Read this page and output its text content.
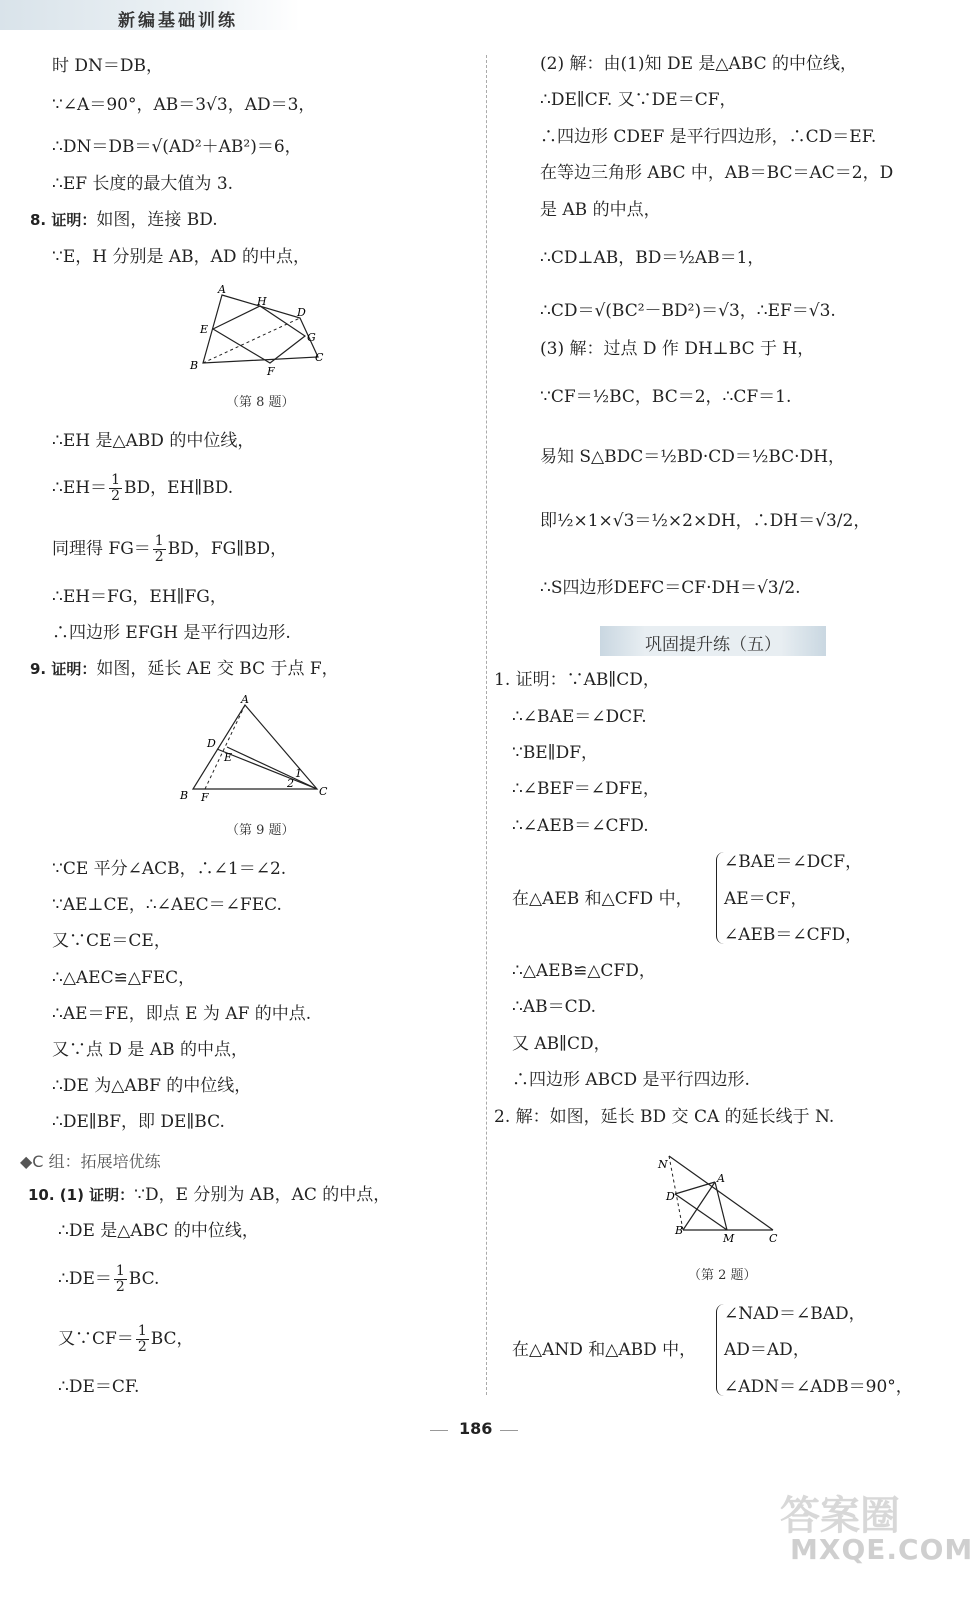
新编基础训练
时 DN＝DB，
∵∠A＝90°，AB＝3√3，AD＝3，
∴DN＝DB＝√(AD²＋AB²)＝6，
∴EF 长度的最大值为 3.
8. 证明：如图，连接 BD.
∵E，H 分别是 AB，AD 的中点，
A
H
D
E
G
B	F
C
（第 8 题）
∴EH 是△ABD 的中位线，
∴EH＝ $\frac{1}{2}$ BD，EH∥BD.
同理得 $FG= \frac{1}{2}$ BD，FG∥BD，
∴EH＝FG，EH∥FG，
∴四边形 EFGH 是平行四边形.
9. 证明：如图，延长 AE 交 BC 于点 F，
A
D
E
1
2
B F	C
（第 9 题）
∵CE 平分∠ACB，∴∠1＝∠2.
∵AE⊥CE，∴∠AEC＝∠FEC.
又∵CE＝CE，
∴△AEC≌△FEC，
∴AE＝FE，即点 E 为 AF 的中点.
又∵点 D 是 AB 的中点，
∴DE 为△ABF 的中位线，
∴DE∥BF，即 DE∥BC.
◆C 组：拓展培优练
10. (1) 证明：∵D，E 分别为 AB，AC 的中点，
∴DE 是△ABC 的中位线，
∴DE＝ $\frac{1}{2}$ BC.
又∵CF＝ $\frac{1}{2}$ BC，
∴DE＝CF.
(2) 解：由(1)知 DE 是△ABC 的中位线，
∴DE∥CF. 又∵DE＝CF，
∴四边形 CDEF 是平行四边形，∴CD＝EF.
在等边三角形 ABC 中，AB＝BC＝AC＝2，D
是 AB 的中点，
∴CD⊥AB，BD＝½AB＝1，
∴CD＝√(BC²－BD²)＝√3，∴EF＝√3.
(3) 解：过点 D 作 DH⊥BC 于 H，
∵CF＝½BC，BC＝2，∴CF＝1.
易知 S△BDC＝½BD·CD＝½BC·DH，
即½×1×√3＝½×2×DH，∴DH＝√3/2，
∴S四边形DEFC＝CF·DH＝√3/2.
巩固提升练（五）
1. 证明：∵AB∥CD，
∴∠BAE＝∠DCF.
∵BE∥DF，
∴∠BEF＝∠DFE，
∴∠AEB＝∠CFD.
∠BAE＝∠DCF，
在△AEB 和△CFD 中， AE＝CF，
∠AEB＝∠CFD，
∴△AEB≌△CFD，
∴AB＝CD.
又 AB∥CD，
∴四边形 ABCD 是平行四边形.
2. 解：如图，延长 BD 交 CA 的延长线于 N.
N
A
D
B
M	C
（第 2 题）
∠NAD＝∠BAD，
在△AND 和△ABD 中， AD＝AD，
∠ADN＝∠ADB＝90°，
186
答案圈
MXQE.COM
